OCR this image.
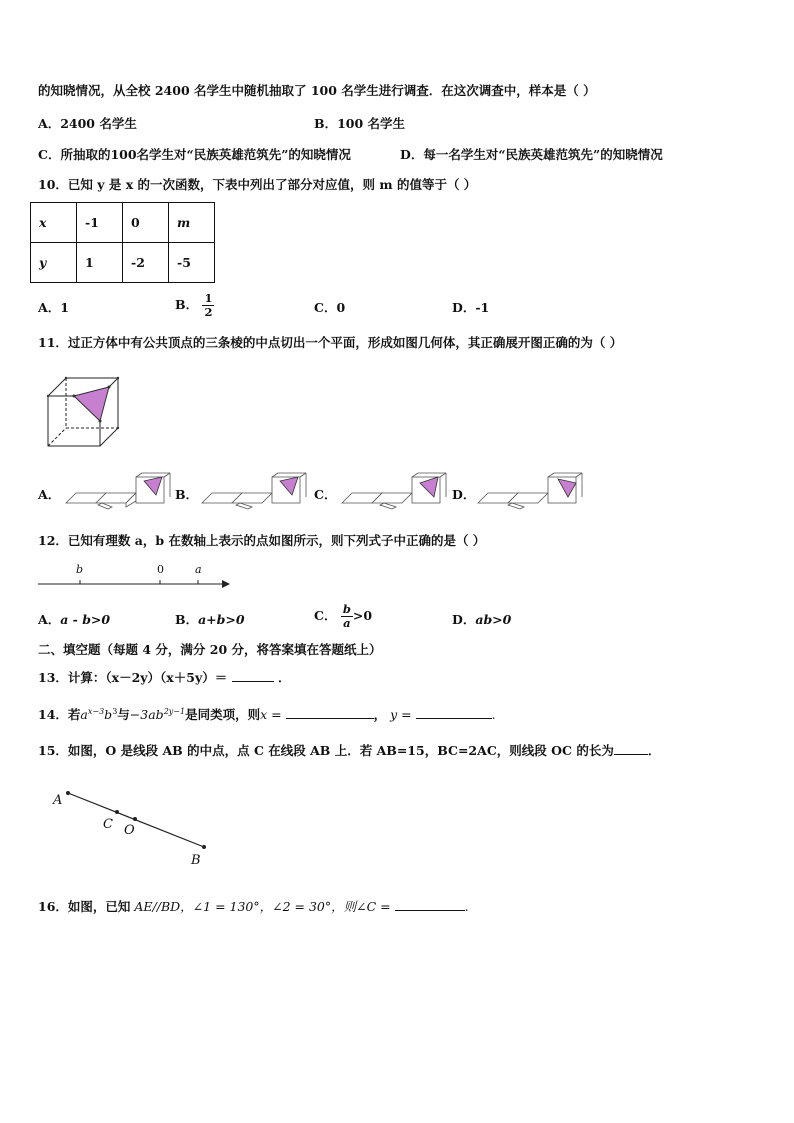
的知晓情况，从全校 2400 名学生中随机抽取了 100 名学生进行调查．在这次调查中，样本是（ ）
A．2400 名学生	B．100 名学生
C．所抽取的100名学生对“民族英雄范筑先”的知晓情况	D．每一名学生对“民族英雄范筑先”的知晓情况
10．已知 y 是 x 的一次函数，下表中列出了部分对应值，则 m 的值等于（ ）
x	-1	0	m
y	1	-2	-5
A．1	B． $\frac{1}{2}$	C．0	D．-1
11．过正方体中有公共顶点的三条棱的中点切出一个平面，形成如图几何体，其正确展开图正确的为（ ）
A．	B．	C．	D．
12．已知有理数 a，b 在数轴上表示的点如图所示，则下列式子中正确的是（ ）
b	0	a
A．a - b>0	B．a+b>0	C． $\frac{b}{a} >0$	D．ab>0
二、填空题（每题 4 分，满分 20 分，将答案填在答题纸上）
13．计算：（x－2y）（x＋5y）＝	．
14．若$a^{x-3}b^3$与$-3ab^{2y-1}$是同类项，则x =	， y =	.
15．如图，O 是线段 AB 的中点，点 C 在线段 AB 上．若 AB=15，BC=2AC，则线段 OC 的长为	．
A
C O
B
16．如图，已知 AE//BD，∠1 = 130°，∠2 = 30°，则∠C =	.
